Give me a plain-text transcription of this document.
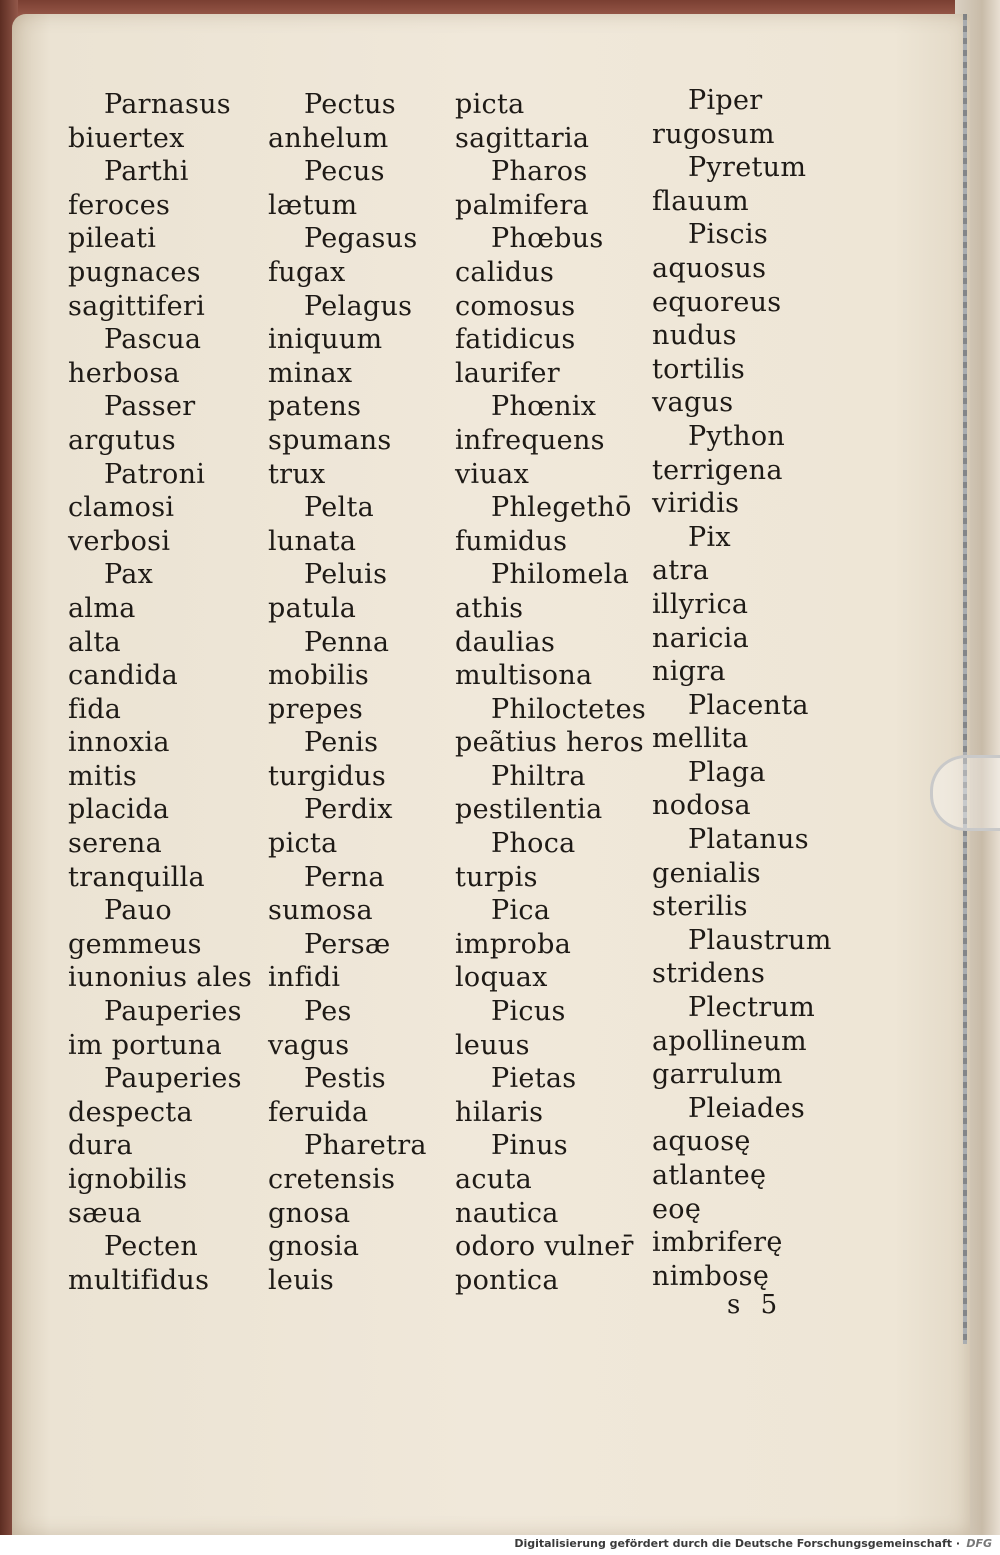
Parnasus
biuertex
Parthi
feroces
pileati
pugnaces
sagittiferi
Pascua
herbosa
Passer
argutus
Patroni
clamosi
verbosi
Pax
alma
alta
candida
fida
innoxia
mitis
placida
serena
tranquilla
Pauo
gemmeus
iunonius ales
Pauperies
im portuna
Pauperies
despecta
dura
ignobilis
sæua
Pecten
multifidus
Pectus
anhelum
Pecus
lætum
Pegasus
fugax
Pelagus
iniquum
minax
patens
spumans
trux
Pelta
lunata
Peluis
patula
Penna
mobilis
prepes
Penis
turgidus
Perdix
picta
Perna
sumosa
Persæ
infidi
Pes
vagus
Pestis
feruida
Pharetra
cretensis
gnosa
gnosia
leuis
picta
sagittaria
Pharos
palmifera
Phœbus
calidus
comosus
fatidicus
laurifer
Phœnix
infrequens
viuax
Phlegethō
fumidus
Philomela
athis
daulias
multisona
Philoctetes
peãtius heros
Philtra
pestilentia
Phoca
turpis
Pica
improba
loquax
Picus
leuus
Pietas
hilaris
Pinus
acuta
nautica
odoro vulner̄
pontica
Piper
rugosum
Pyretum
flauum
Piscis
aquosus
equoreus
nudus
tortilis
vagus
Python
terrigena
viridis
Pix
atra
illyrica
naricia
nigra
Placenta
mellita
Plaga
nodosa
Platanus
genialis
sterilis
Plaustrum
stridens
Plectrum
apollineum
garrulum
Pleiades
aquosę
atlanteę
eoę
imbriferę
nimbosę
s 5
Digitalisierung gefördert durch die Deutsche Forschungsgemeinschaft · DFG
